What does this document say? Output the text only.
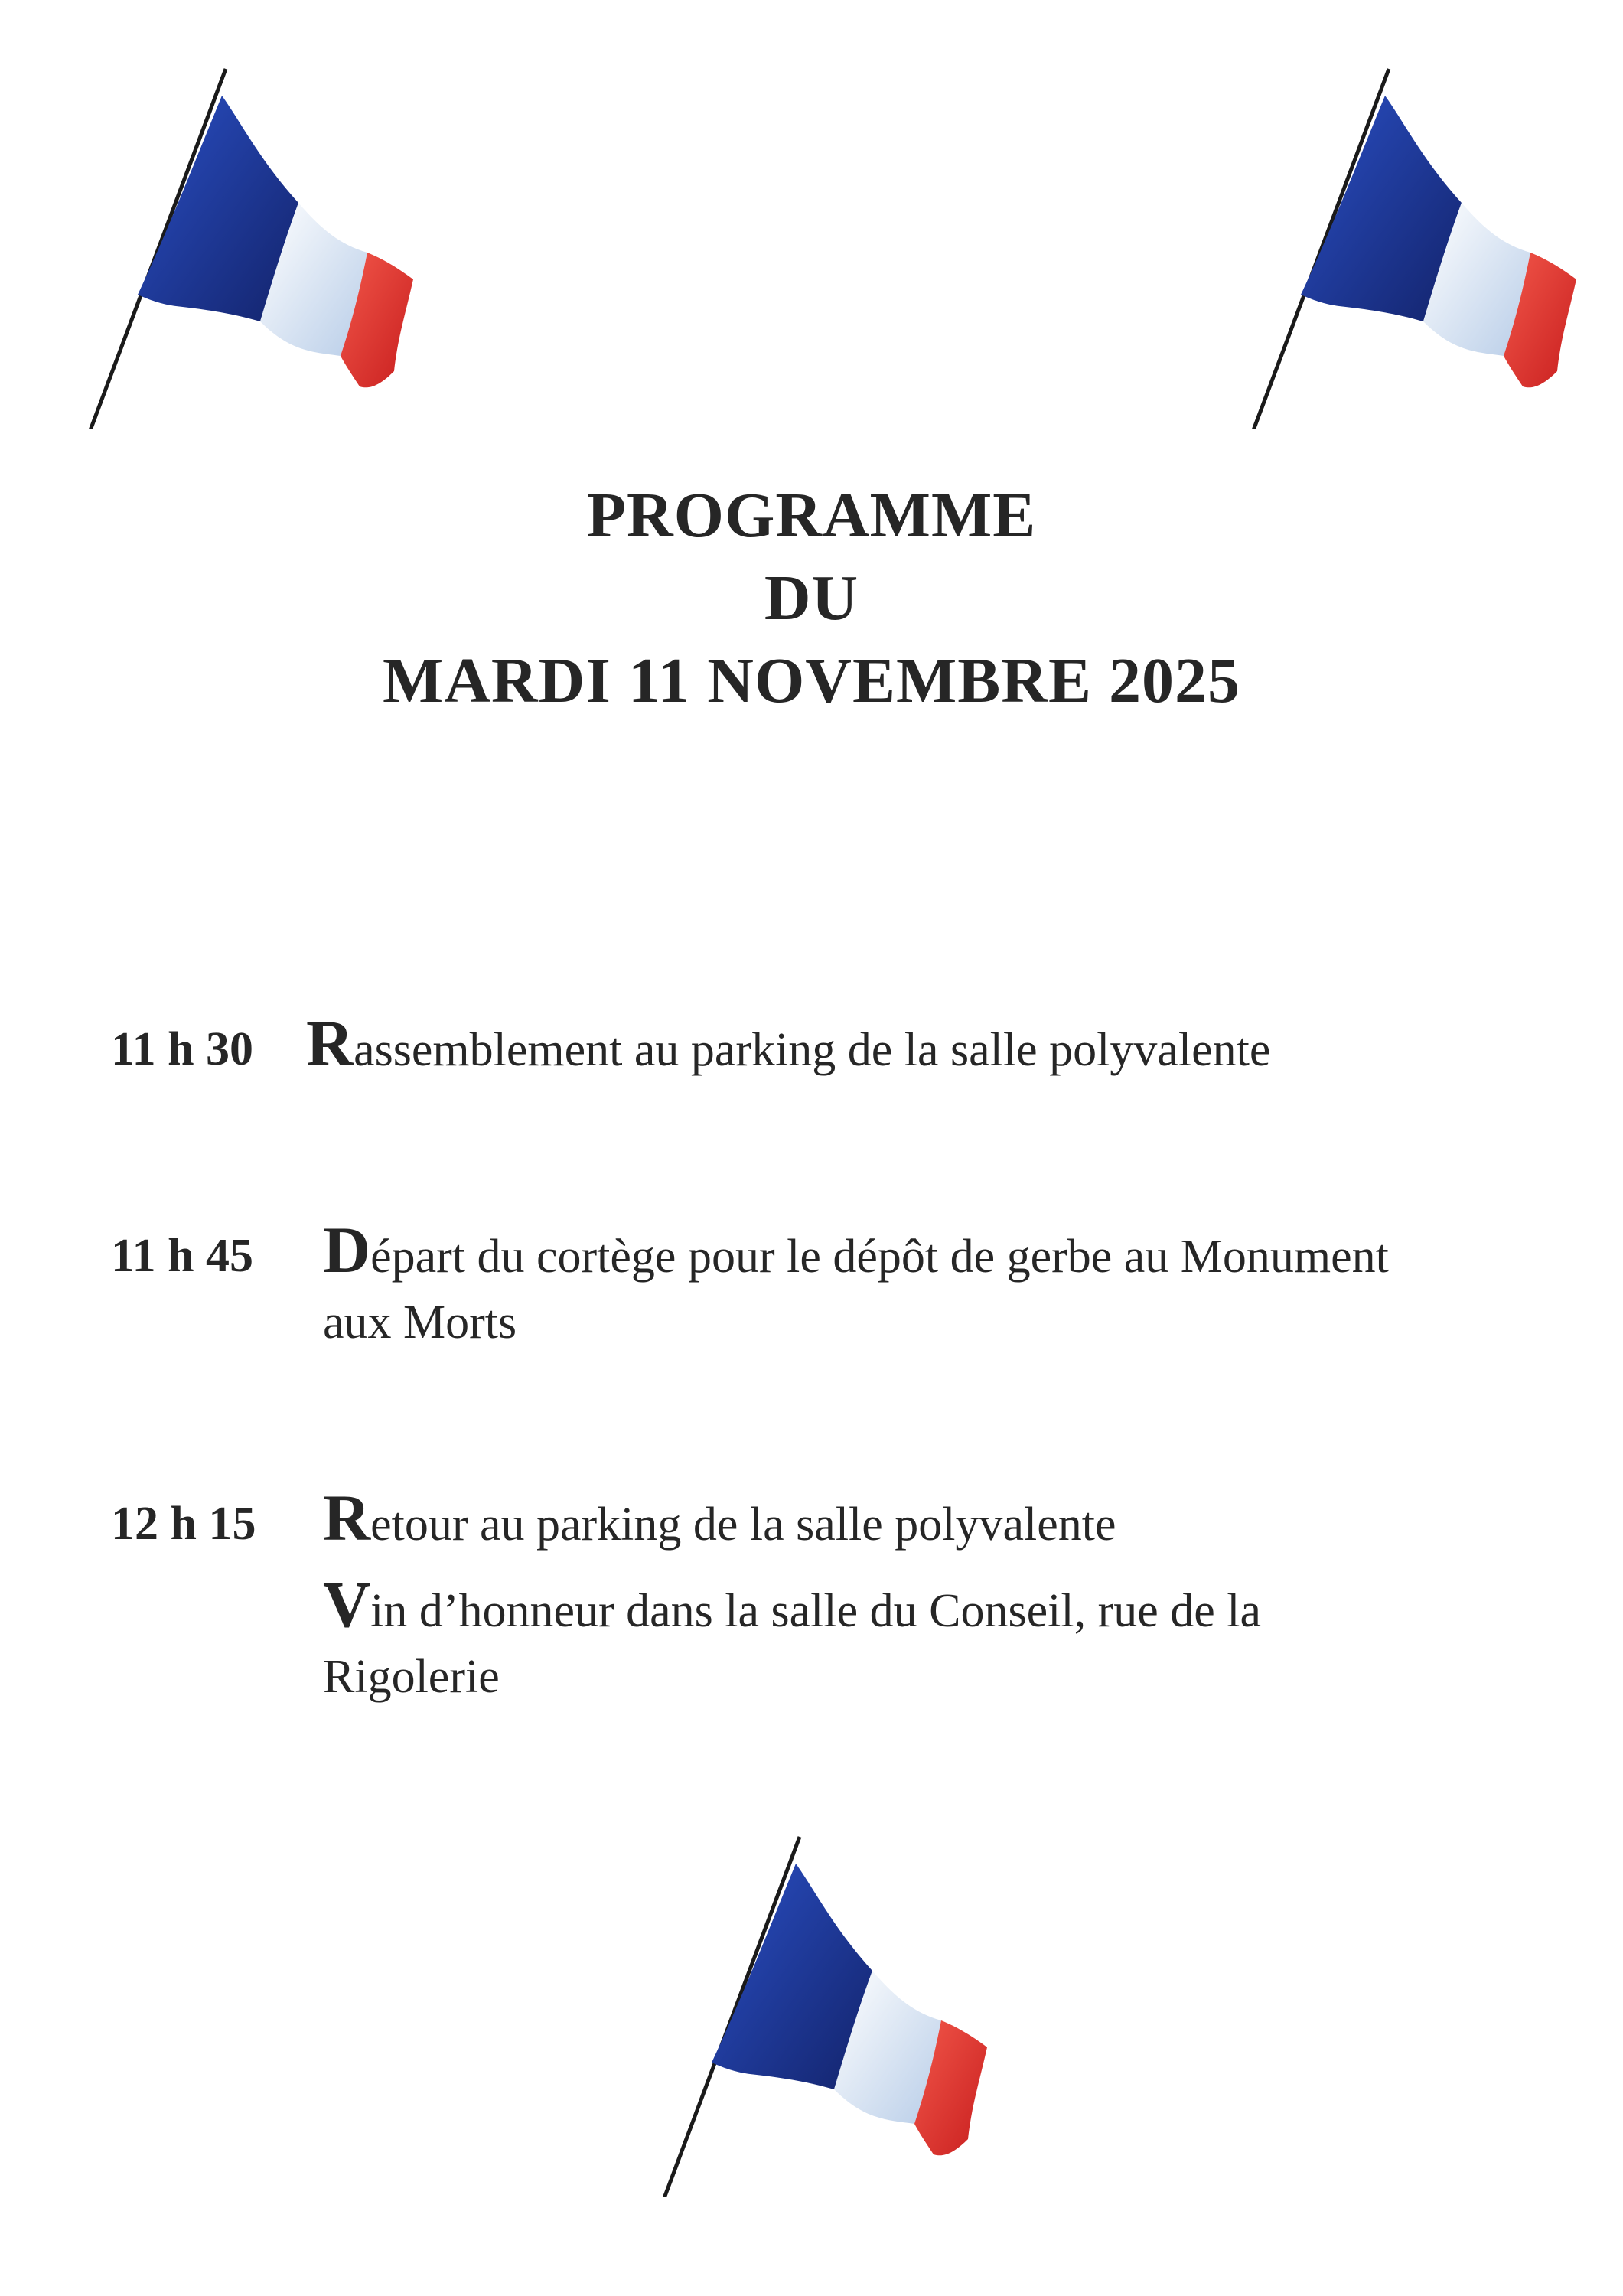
PROGRAMME
DU
MARDI 11 NOVEMBRE 2025
11 h 30 Rassemblement au parking de la salle polyvalente
11 h 45 Départ du cortège pour le dépôt de gerbe au Monument
aux Morts
12 h 15 Retour au parking de la salle polyvalente
Vin d’honneur dans la salle du Conseil, rue de la
Rigolerie
